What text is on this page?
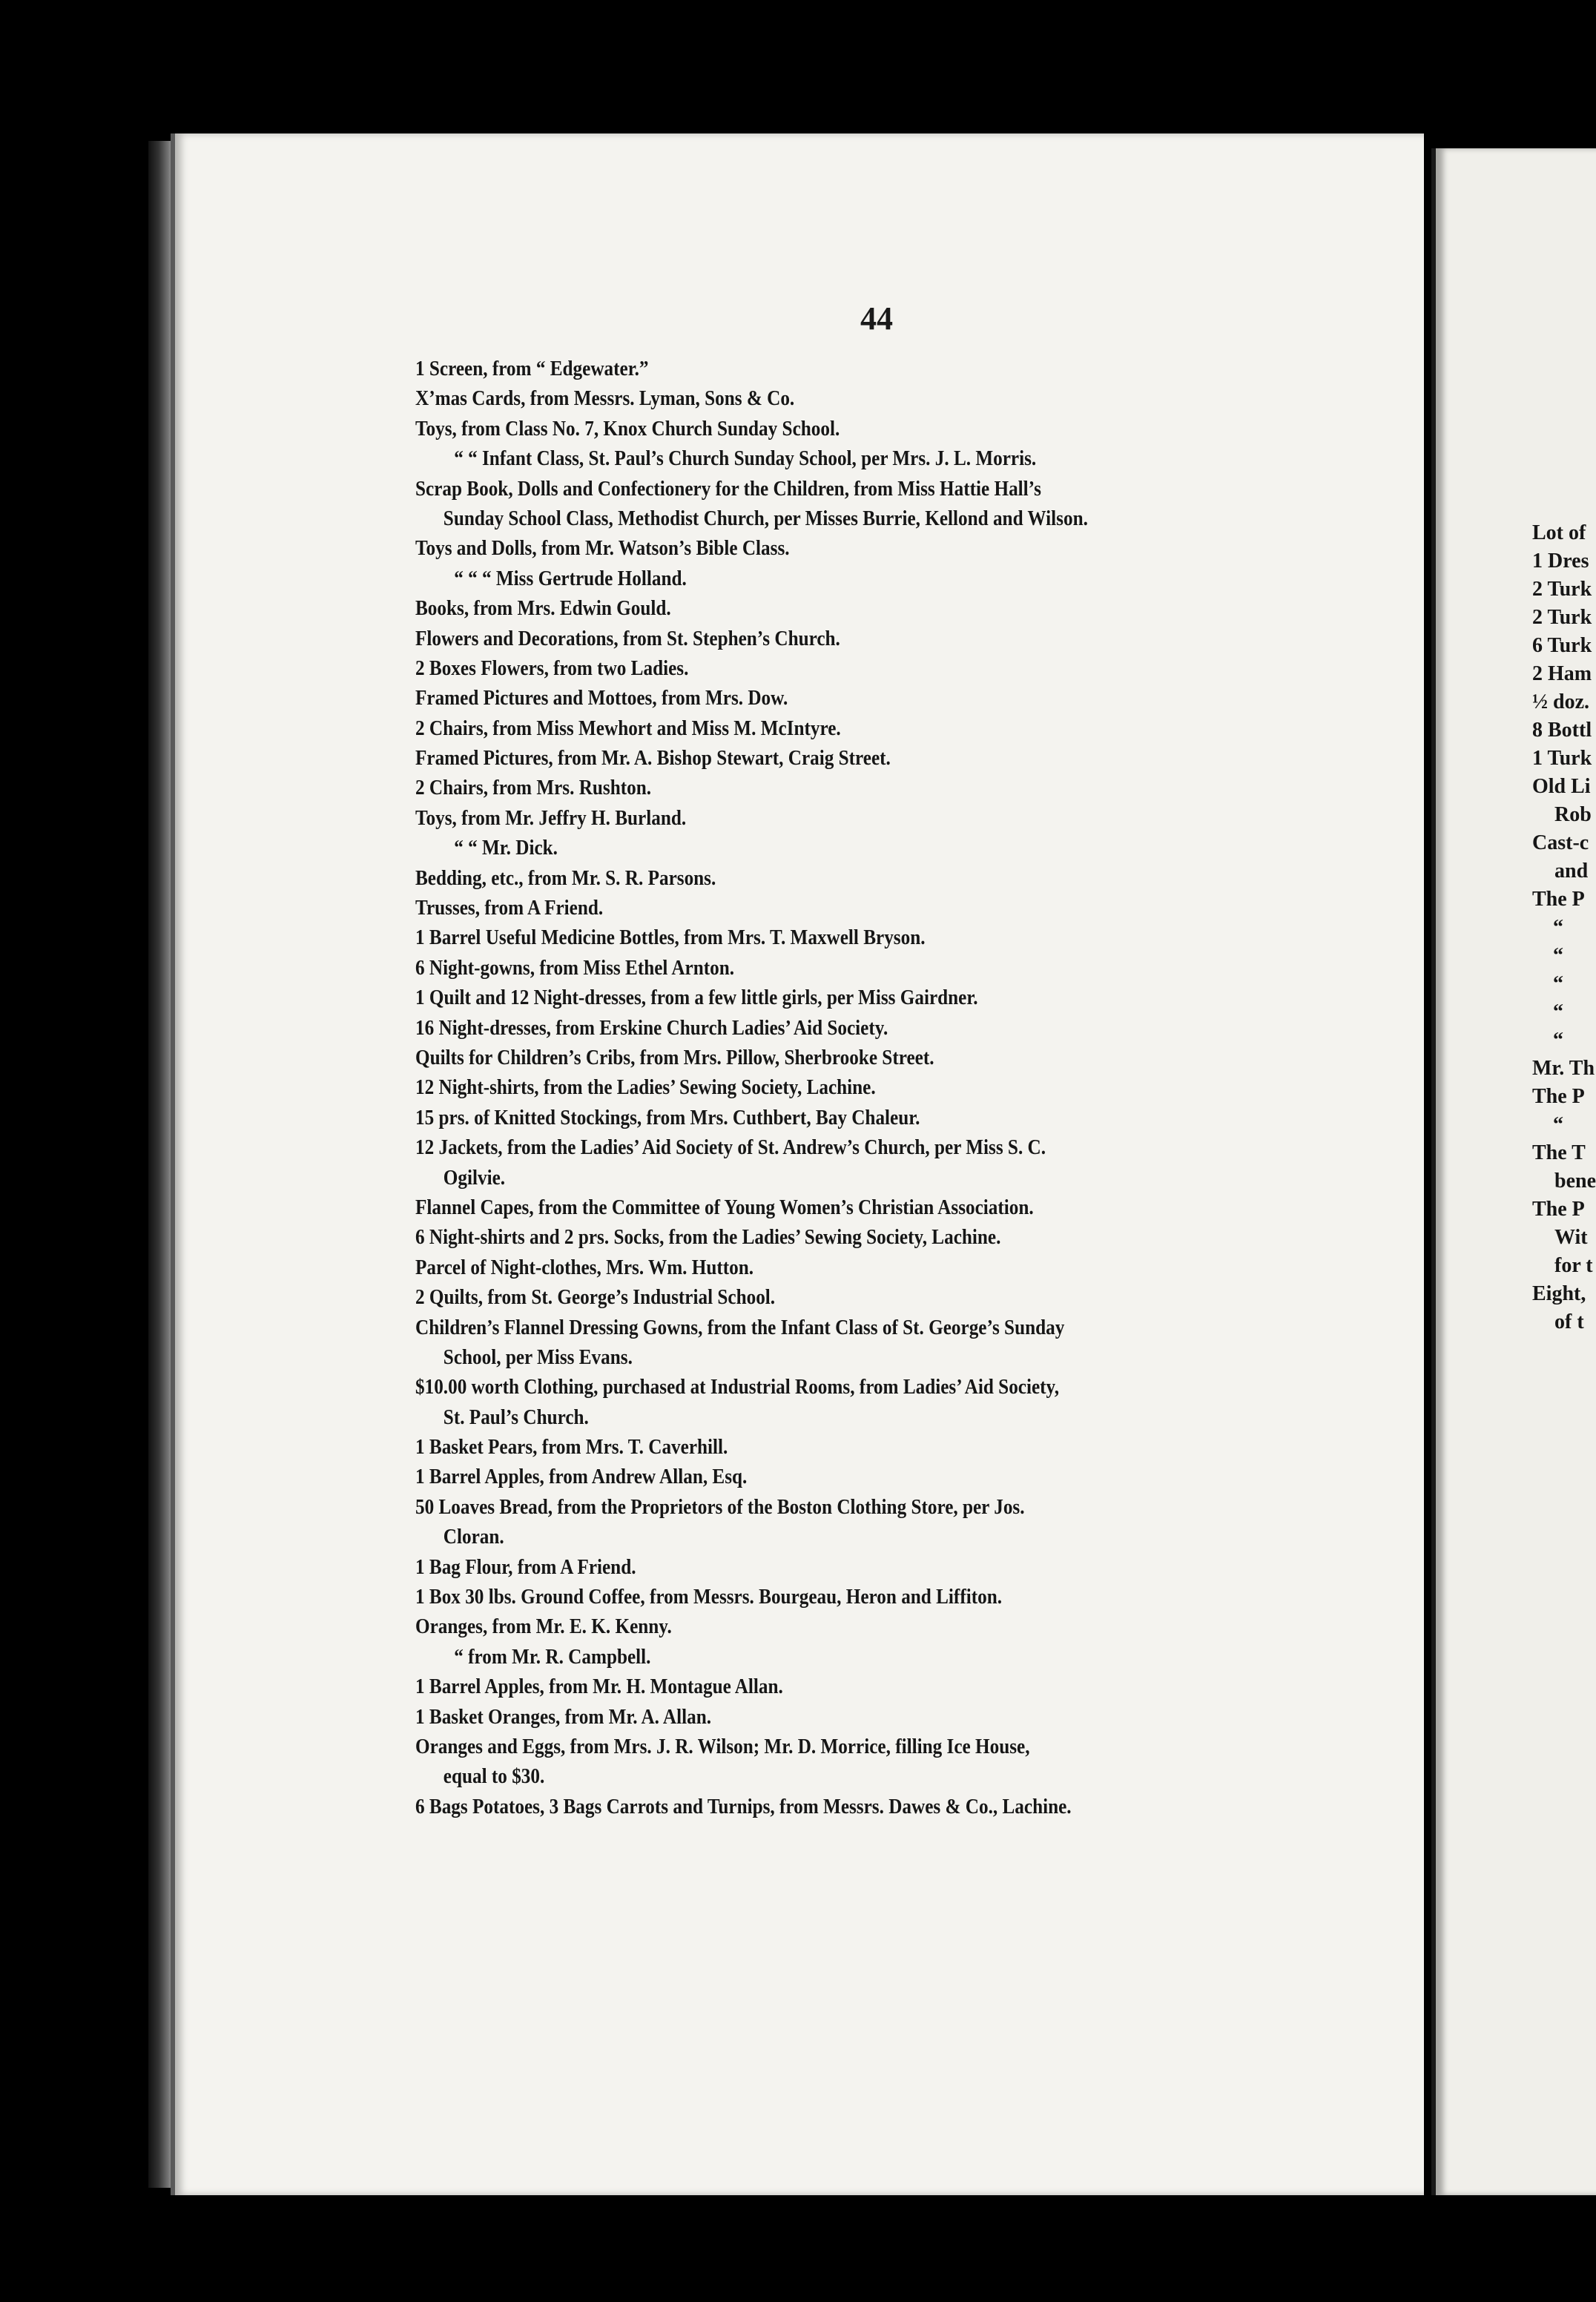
44
1 Screen, from “ Edgewater.”
X’mas Cards, from Messrs. Lyman, Sons & Co.
Toys, from Class No. 7, Knox Church Sunday School.
“ “ Infant Class, St. Paul’s Church Sunday School, per Mrs. J. L. Morris.
Scrap Book, Dolls and Confectionery for the Children, from Miss Hattie Hall’s
Sunday School Class, Methodist Church, per Misses Burrie, Kellond and Wilson.
Toys and Dolls, from Mr. Watson’s Bible Class.
“ “ “ Miss Gertrude Holland.
Books, from Mrs. Edwin Gould.
Flowers and Decorations, from St. Stephen’s Church.
2 Boxes Flowers, from two Ladies.
Framed Pictures and Mottoes, from Mrs. Dow.
2 Chairs, from Miss Mewhort and Miss M. McIntyre.
Framed Pictures, from Mr. A. Bishop Stewart, Craig Street.
2 Chairs, from Mrs. Rushton.
Toys, from Mr. Jeffry H. Burland.
“ “ Mr. Dick.
Bedding, etc., from Mr. S. R. Parsons.
Trusses, from A Friend.
1 Barrel Useful Medicine Bottles, from Mrs. T. Maxwell Bryson.
6 Night-gowns, from Miss Ethel Arnton.
1 Quilt and 12 Night-dresses, from a few little girls, per Miss Gairdner.
16 Night-dresses, from Erskine Church Ladies’ Aid Society.
Quilts for Children’s Cribs, from Mrs. Pillow, Sherbrooke Street.
12 Night-shirts, from the Ladies’ Sewing Society, Lachine.
15 prs. of Knitted Stockings, from Mrs. Cuthbert, Bay Chaleur.
12 Jackets, from the Ladies’ Aid Society of St. Andrew’s Church, per Miss S. C.
Ogilvie.
Flannel Capes, from the Committee of Young Women’s Christian Association.
6 Night-shirts and 2 prs. Socks, from the Ladies’ Sewing Society, Lachine.
Parcel of Night-clothes, Mrs. Wm. Hutton.
2 Quilts, from St. George’s Industrial School.
Children’s Flannel Dressing Gowns, from the Infant Class of St. George’s Sunday
School, per Miss Evans.
$10.00 worth Clothing, purchased at Industrial Rooms, from Ladies’ Aid Society,
St. Paul’s Church.
1 Basket Pears, from Mrs. T. Caverhill.
1 Barrel Apples, from Andrew Allan, Esq.
50 Loaves Bread, from the Proprietors of the Boston Clothing Store, per Jos.
Cloran.
1 Bag Flour, from A Friend.
1 Box 30 lbs. Ground Coffee, from Messrs. Bourgeau, Heron and Liffiton.
Oranges, from Mr. E. K. Kenny.
“ from Mr. R. Campbell.
1 Barrel Apples, from Mr. H. Montague Allan.
1 Basket Oranges, from Mr. A. Allan.
Oranges and Eggs, from Mrs. J. R. Wilson; Mr. D. Morrice, filling Ice House,
equal to $30.
6 Bags Potatoes, 3 Bags Carrots and Turnips, from Messrs. Dawes & Co., Lachine.
Lot of
1 Dres
2 Turk
2 Turk
6 Turk
2 Ham
½ doz.
8 Bottl
1 Turk
Old Li
Rob
Cast-c
and
The P
“
“
“
“
“
Mr. Th
The P
“
The T
bene
The P
Wit
for t
Eight,
of t
